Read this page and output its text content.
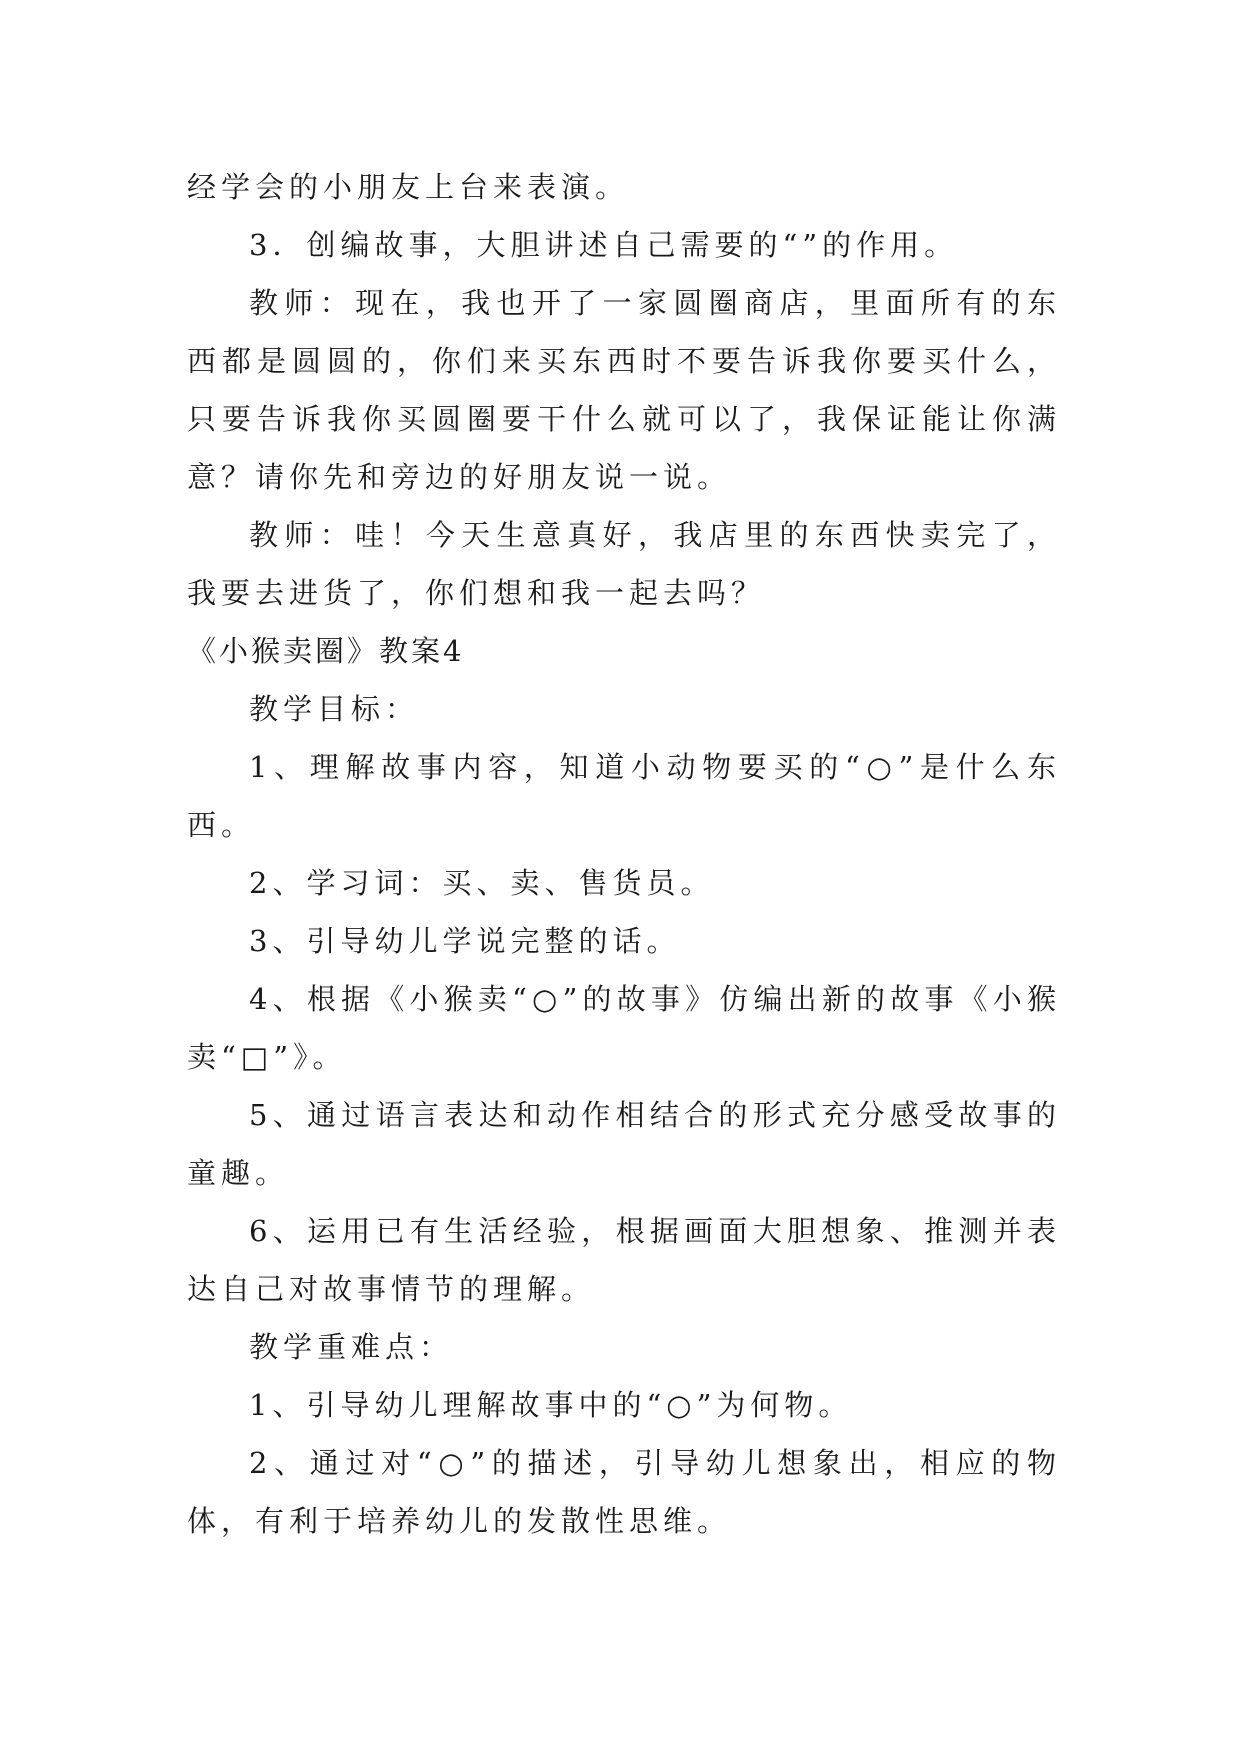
经学会的小朋友上台来表演。

3．创编故事，大胆讲述自己需要的“”的作用。

教师：现在，我也开了一家圆圈商店，里面所有的东西都是圆圆的，你们来买东西时不要告诉我你要买什么，只要告诉我你买圆圈要干什么就可以了，我保证能让你满意？请你先和旁边的好朋友说一说。

教师：哇！今天生意真好，我店里的东西快卖完了，我要去进货了，你们想和我一起去吗？

《小猴卖圈》教案4

教学目标：

1、理解故事内容，知道小动物要买的“○”是什么东西。

2、学习词：买、卖、售货员。

3、引导幼儿学说完整的话。

4、根据《小猴卖“○”的故事》仿编出新的故事《小猴卖“□”》。

5、通过语言表达和动作相结合的形式充分感受故事的童趣。

6、运用已有生活经验，根据画面大胆想象、推测并表达自己对故事情节的理解。

教学重难点：

1、引导幼儿理解故事中的“○”为何物。

2、通过对“○”的描述，引导幼儿想象出，相应的物体，有利于培养幼儿的发散性思维。
